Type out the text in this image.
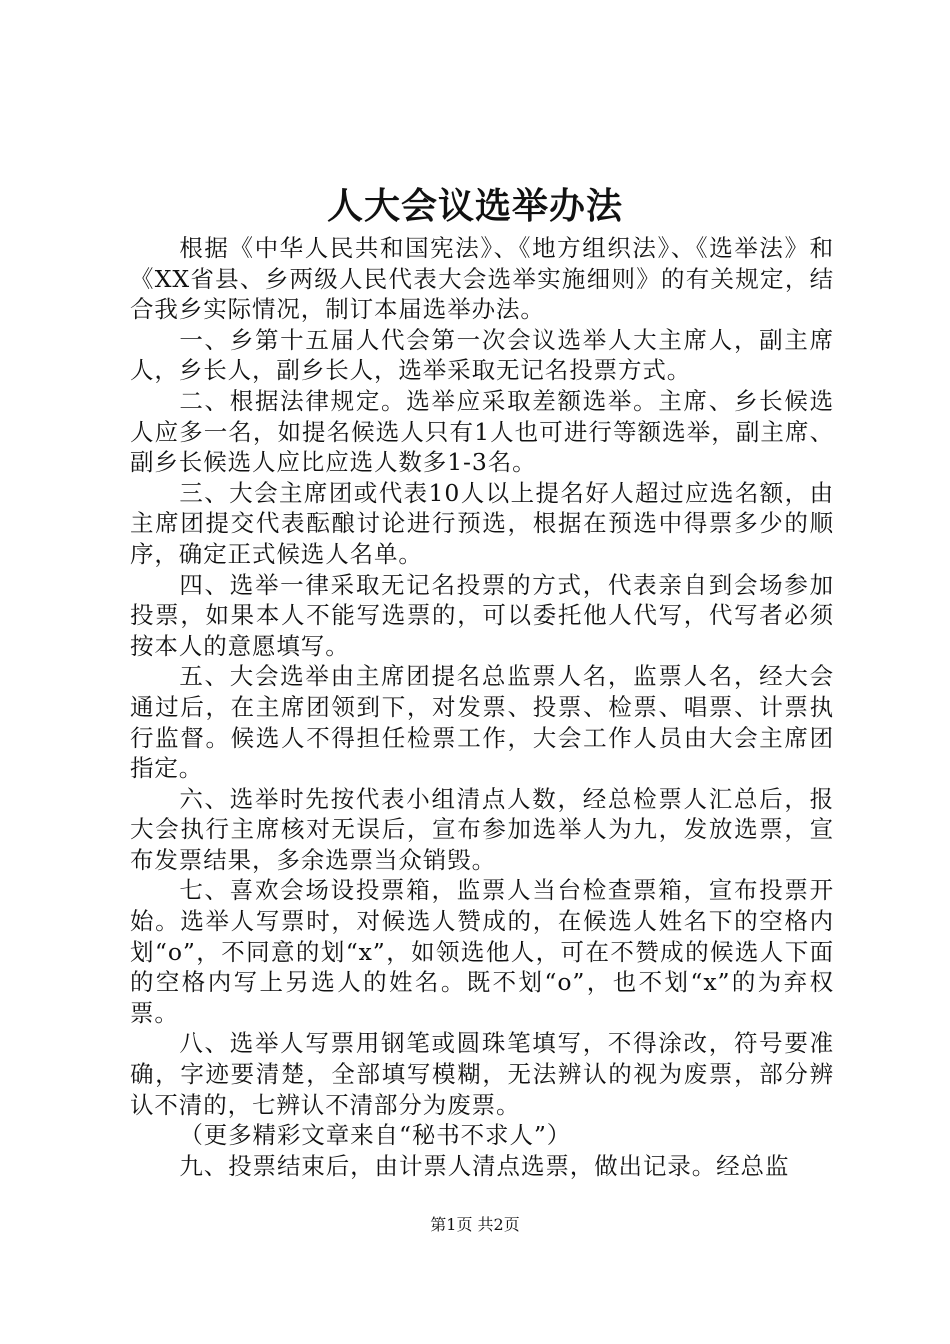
人大会议选举办法

根据《中华人民共和国宪法》、《地方组织法》、《选举法》和《XX省县、乡两级人民代表大会选举实施细则》的有关规定，结合我乡实际情况，制订本届选举办法。

一、乡第十五届人代会第一次会议选举人大主席人，副主席人，乡长人，副乡长人，选举采取无记名投票方式。

二、根据法律规定。选举应采取差额选举。主席、乡长候选人应多一名，如提名候选人只有1人也可进行等额选举，副主席、副乡长候选人应比应选人数多1-3名。

三、大会主席团或代表10人以上提名好人超过应选名额，由主席团提交代表酝酿讨论进行预选，根据在预选中得票多少的顺序，确定正式候选人名单。

四、选举一律采取无记名投票的方式，代表亲自到会场参加投票，如果本人不能写选票的，可以委托他人代写，代写者必须按本人的意愿填写。

五、大会选举由主席团提名总监票人名，监票人名，经大会通过后，在主席团领到下，对发票、投票、检票、唱票、计票执行监督。候选人不得担任检票工作，大会工作人员由大会主席团指定。

六、选举时先按代表小组清点人数，经总检票人汇总后，报大会执行主席核对无误后，宣布参加选举人为九，发放选票，宣布发票结果，多余选票当众销毁。

七、喜欢会场设投票箱，监票人当台检查票箱，宣布投票开始。选举人写票时，对候选人赞成的，在候选人姓名下的空格内划“o”，不同意的划“x”，如领选他人，可在不赞成的候选人下面的空格内写上另选人的姓名。既不划“o”，也不划“x”的为弃权票。

八、选举人写票用钢笔或圆珠笔填写，不得涂改，符号要准确，字迹要清楚，全部填写模糊，无法辨认的视为废票，部分辨认不清的，七辨认不清部分为废票。

（更多精彩文章来自“秘书不求人”）

九、投票结束后，由计票人清点选票，做出记录。经总监

第1页 共2页
